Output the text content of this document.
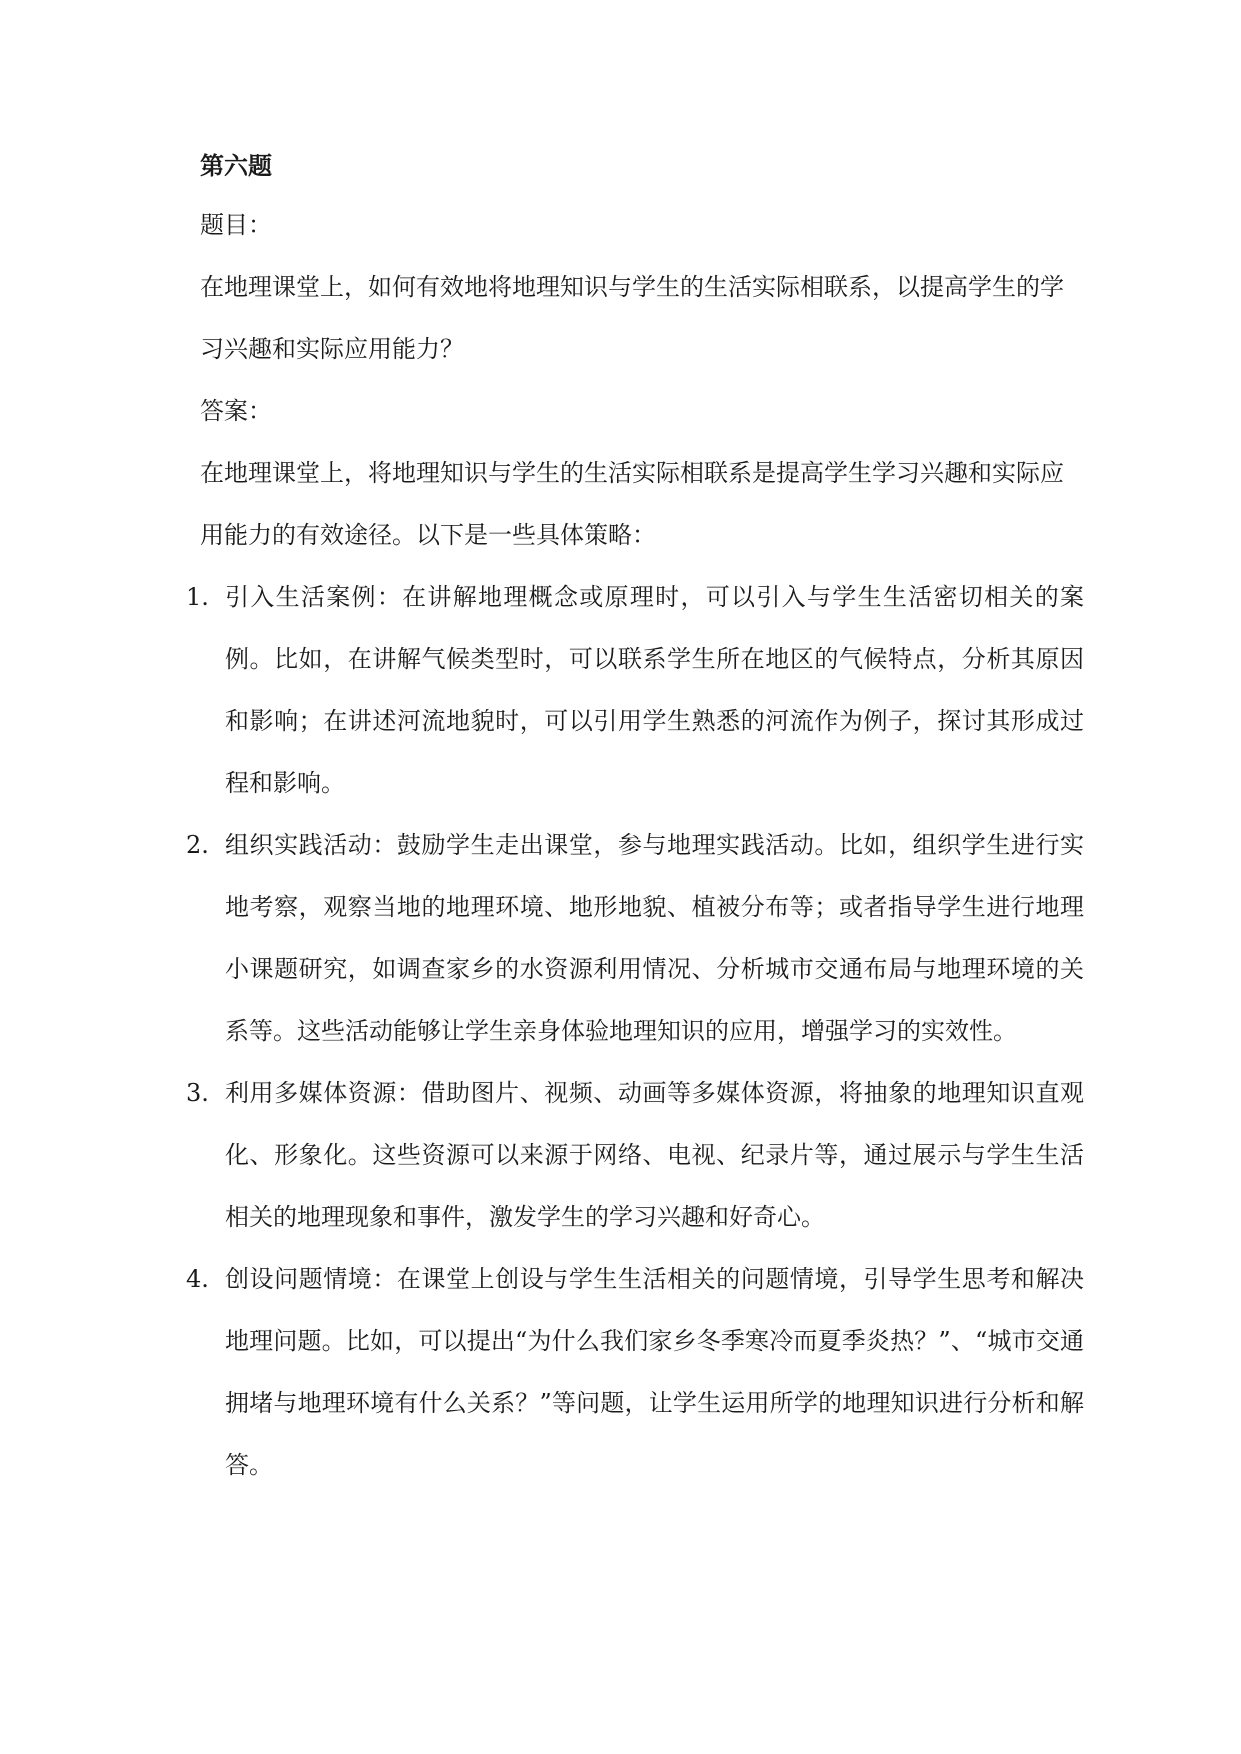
第六题
题目：
在地理课堂上，如何有效地将地理知识与学生的生活实际相联系，以提高学生的学习兴趣和实际应用能力？
答案：
在地理课堂上，将地理知识与学生的生活实际相联系是提高学生学习兴趣和实际应用能力的有效途径。以下是一些具体策略：
1. 引入生活案例：在讲解地理概念或原理时，可以引入与学生生活密切相关的案例。比如，在讲解气候类型时，可以联系学生所在地区的气候特点，分析其原因和影响；在讲述河流地貌时，可以引用学生熟悉的河流作为例子，探讨其形成过程和影响。
2. 组织实践活动：鼓励学生走出课堂，参与地理实践活动。比如，组织学生进行实地考察，观察当地的地理环境、地形地貌、植被分布等；或者指导学生进行地理小课题研究，如调查家乡的水资源利用情况、分析城市交通布局与地理环境的关系等。这些活动能够让学生亲身体验地理知识的应用，增强学习的实效性。
3. 利用多媒体资源：借助图片、视频、动画等多媒体资源，将抽象的地理知识直观化、形象化。这些资源可以来源于网络、电视、纪录片等，通过展示与学生生活相关的地理现象和事件，激发学生的学习兴趣和好奇心。
4. 创设问题情境：在课堂上创设与学生生活相关的问题情境，引导学生思考和解决地理问题。比如，可以提出“为什么我们家乡冬季寒冷而夏季炎热？”、“城市交通拥堵与地理环境有什么关系？”等问题，让学生运用所学的地理知识进行分析和解答。
